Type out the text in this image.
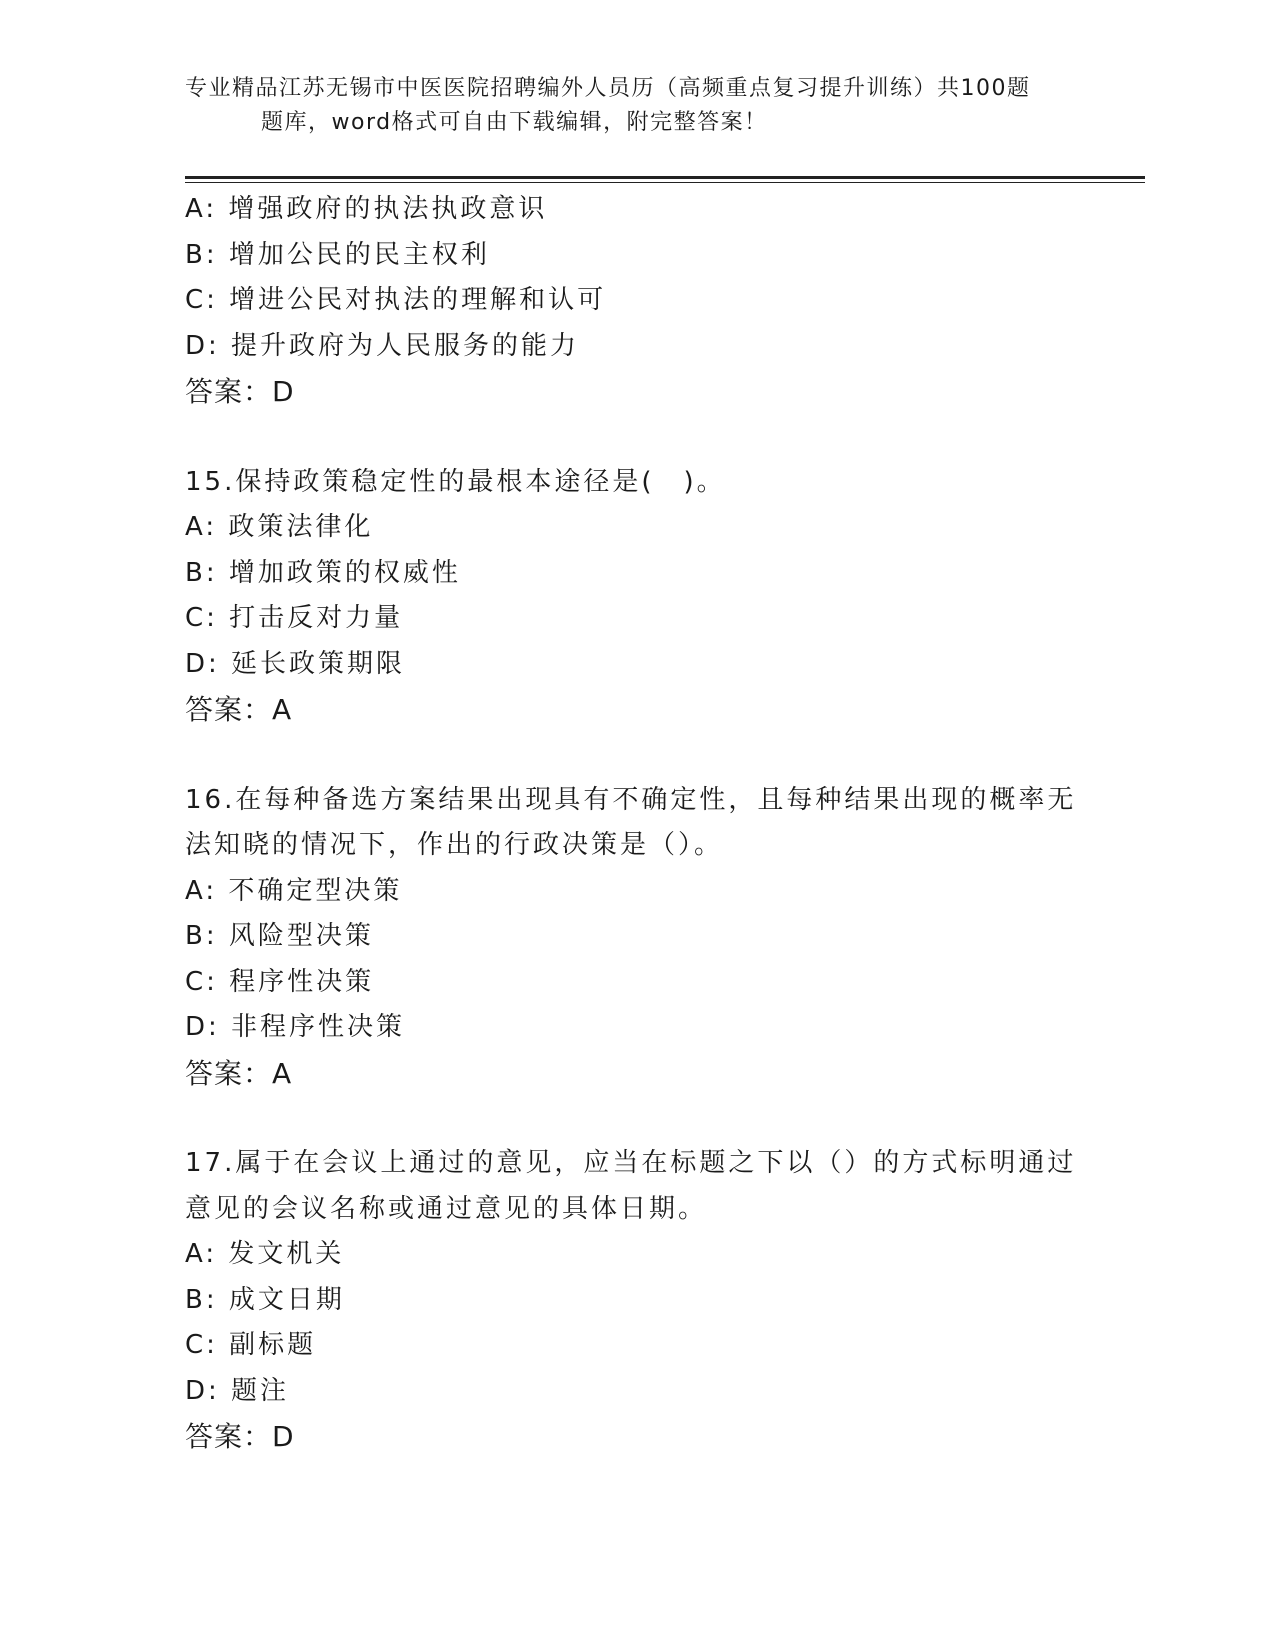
专业精品江苏无锡市中医医院招聘编外人员历（高频重点复习提升训练）共100题
题库，word格式可自由下载编辑，附完整答案！
A: 增强政府的执法执政意识
B: 增加公民的民主权利
C: 增进公民对执法的理解和认可
D: 提升政府为人民服务的能力
答案：D
15.保持政策稳定性的最根本途径是(　)。
A: 政策法律化
B: 增加政策的权威性
C: 打击反对力量
D: 延长政策期限
答案：A
16.在每种备选方案结果出现具有不确定性，且每种结果出现的概率无
法知晓的情况下，作出的行政决策是（）。
A: 不确定型决策
B: 风险型决策
C: 程序性决策
D: 非程序性决策
答案：A
17.属于在会议上通过的意见，应当在标题之下以（）的方式标明通过
意见的会议名称或通过意见的具体日期。
A: 发文机关
B: 成文日期
C: 副标题
D: 题注
答案：D
